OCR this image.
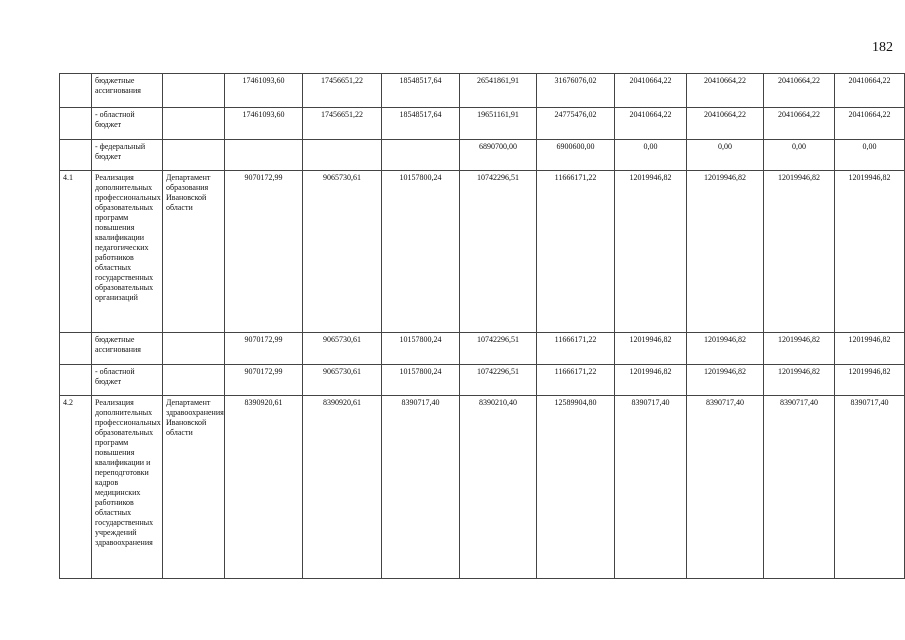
182
	бюджетные ассигнования		17461093,60	17456651,22	18548517,64	26541861,91	31676076,02	20410664,22	20410664,22	20410664,22	20410664,22
	- областной бюджет		17461093,60	17456651,22	18548517,64	19651161,91	24775476,02	20410664,22	20410664,22	20410664,22	20410664,22
	- федеральный бюджет					6890700,00	6900600,00	0,00	0,00	0,00	0,00
4.1	Реализация дополнительных профессиональных образовательных программ повышения квалификации педагогических работников областных государственных образовательных организаций	Департамент образования Ивановской области	9070172,99	9065730,61	10157800,24	10742296,51	11666171,22	12019946,82	12019946,82	12019946,82	12019946,82
	бюджетные ассигнования		9070172,99	9065730,61	10157800,24	10742296,51	11666171,22	12019946,82	12019946,82	12019946,82	12019946,82
	- областной бюджет		9070172,99	9065730,61	10157800,24	10742296,51	11666171,22	12019946,82	12019946,82	12019946,82	12019946,82
4.2	Реализация дополнительных профессиональных образовательных программ повышения квалификации и переподготовки кадров медицинских работников областных государственных учреждений здравоохранения	Департамент здравоохранения Ивановской области	8390920,61	8390920,61	8390717,40	8390210,40	12589904,80	8390717,40	8390717,40	8390717,40	8390717,40
